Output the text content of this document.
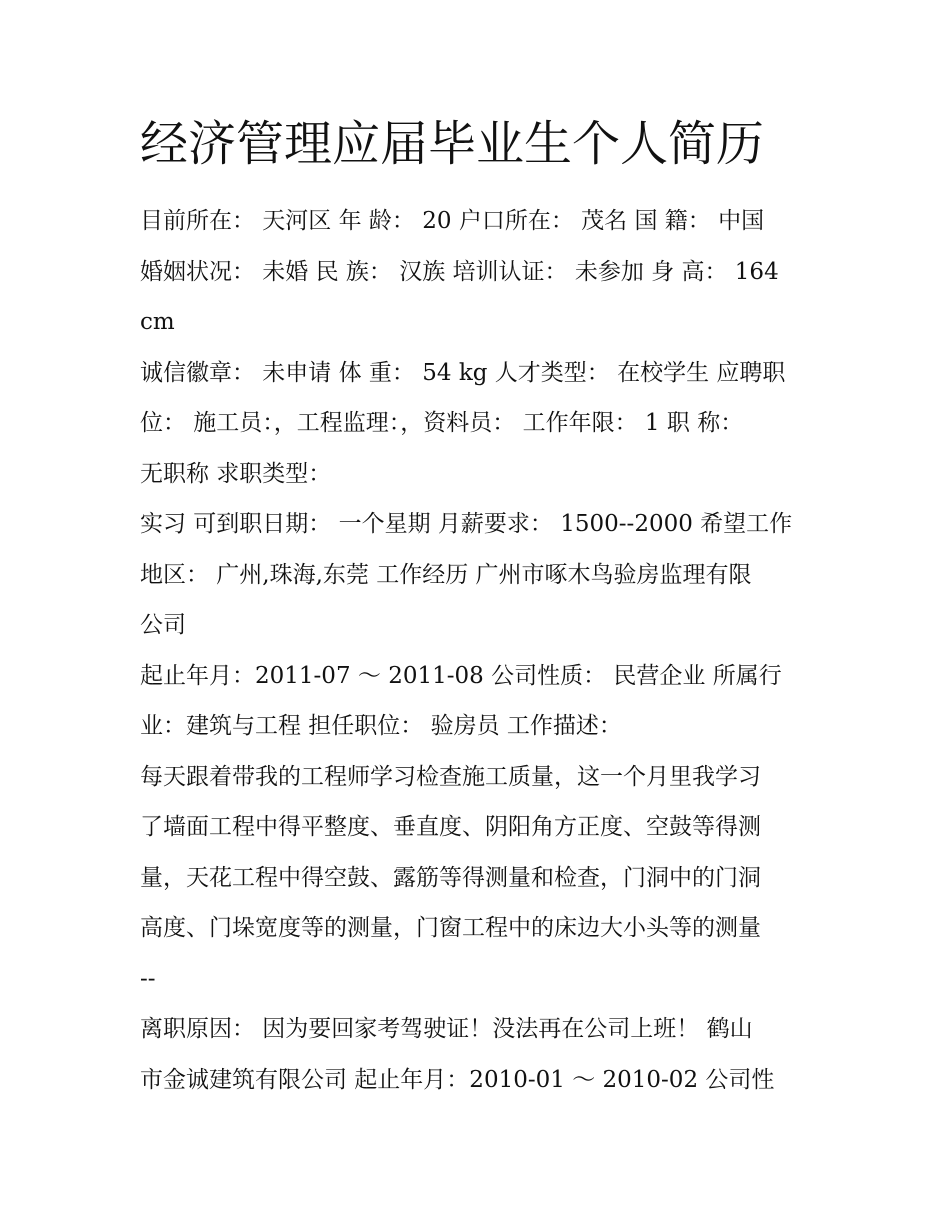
经济管理应届毕业生个人简历
目前所在： 天河区 年 龄： 20 户口所在： 茂名 国 籍： 中国
婚姻状况： 未婚 民 族： 汉族 培训认证： 未参加 身 高： 164
cm
诚信徽章： 未申请 体 重： 54 kg 人才类型： 在校学生 应聘职
位： 施工员：，工程监理：，资料员： 工作年限： 1 职 称：
无职称 求职类型：
实习 可到职日期： 一个星期 月薪要求： 1500--2000 希望工作
地区： 广州,珠海,东莞 工作经历 广州市啄木鸟验房监理有限
公司
起止年月：2011-07 ～ 2011-08 公司性质： 民营企业 所属行
业：建筑与工程 担任职位： 验房员 工作描述：
每天跟着带我的工程师学习检查施工质量，这一个月里我学习
了墙面工程中得平整度、垂直度、阴阳角方正度、空鼓等得测
量，天花工程中得空鼓、露筋等得测量和检查，门洞中的门洞
高度、门垛宽度等的测量，门窗工程中的床边大小头等的测量
--
离职原因： 因为要回家考驾驶证！没法再在公司上班！ 鹤山
市金诚建筑有限公司 起止年月：2010-01 ～ 2010-02 公司性
